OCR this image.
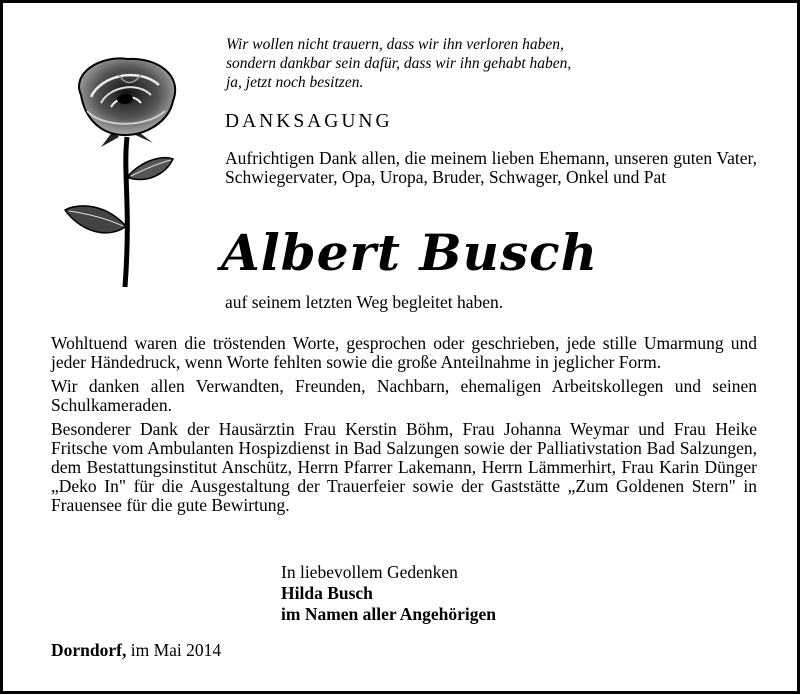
Wir wollen nicht trauern, dass wir ihn verloren haben,
sondern dankbar sein dafür, dass wir ihn gehabt haben,
ja, jetzt noch besitzen.
DANKSAGUNG
Aufrichtigen Dank allen, die meinem lieben Ehemann, unseren guten Vater, Schwiegervater, Opa, Uropa, Bruder, Schwager, Onkel und Pat
Albert Busch
auf seinem letzten Weg begleitet haben.

Wohltuend waren die tröstenden Worte, gesprochen oder geschrieben, jede stille Umarmung und jeder Händedruck, wenn Worte fehlten sowie die große Anteilnahme in jeglicher Form.

Wir danken allen Verwandten, Freunden, Nachbarn, ehemaligen Arbeitskollegen und seinen Schulkameraden.

Besonderer Dank der Hausärztin Frau Kerstin Böhm, Frau Johanna Weymar und Frau Heike Fritsche vom Ambulanten Hospizdienst in Bad Salzungen sowie der Palliativstation Bad Salzungen, dem Bestattungsinstitut Anschütz, Herrn Pfarrer Lakemann, Herrn Lämmerhirt, Frau Karin Dünger „Deko In" für die Ausgestaltung der Trauerfeier sowie der Gaststätte „Zum Goldenen Stern" in Frauensee für die gute Bewirtung.

In liebevollem Gedenken
Hilda Busch
im Namen aller Angehörigen
Dorndorf, im Mai 2014
